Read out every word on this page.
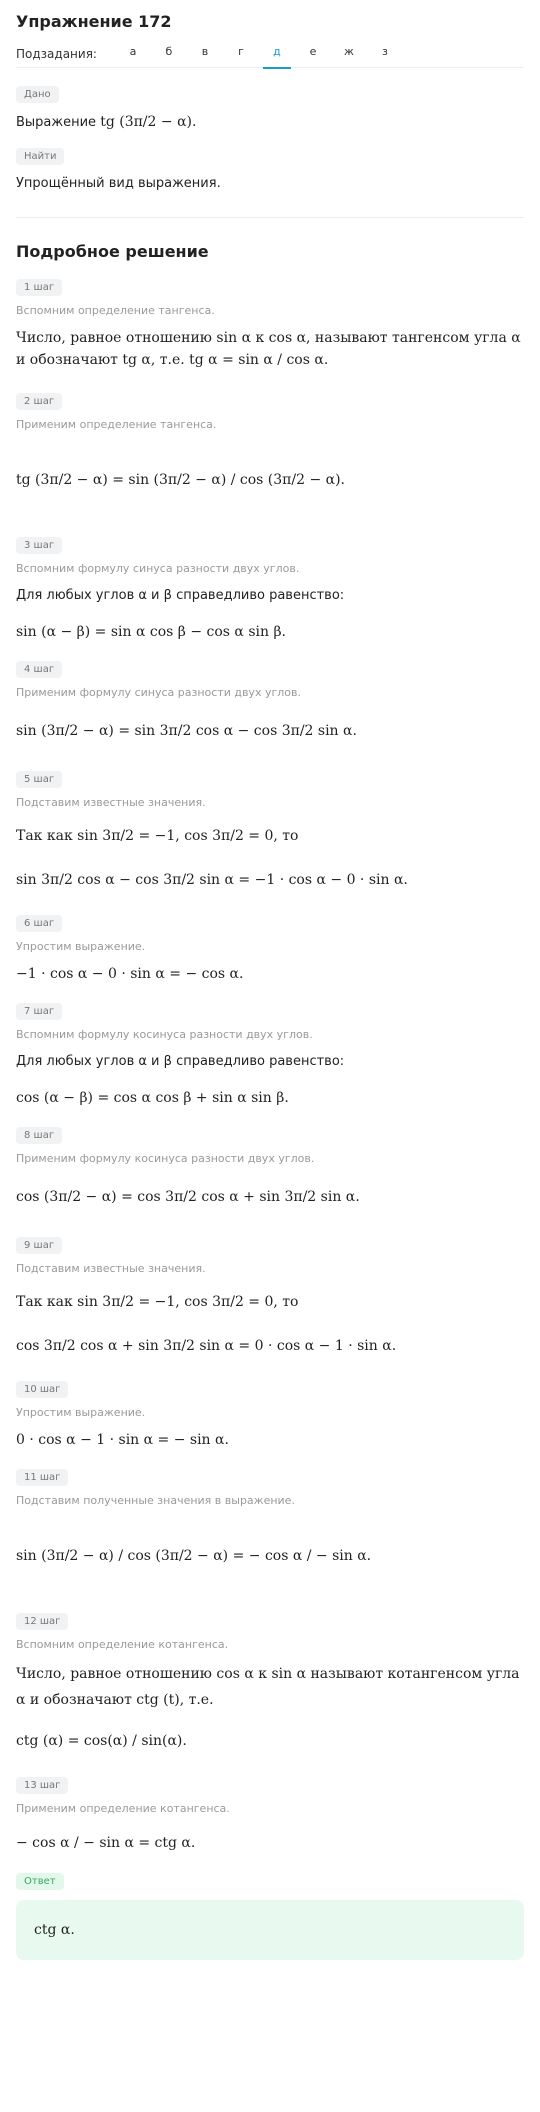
Упражнение 172
Подзадания:	а	б	в	г	д	е	ж	з
Дано
Выражение tg (3π/2 − α).
Найти
Упрощённый вид выражения.
Подробное решение
1 шаг
Вспомним определение тангенса.
Число, равное отношению sin α к cos α, называют тангенсом угла α и обозначают tg α, т.е. tg α = sin α / cos α.
2 шаг
Применим определение тангенса.
tg (3π/2 − α) = sin (3π/2 − α) / cos (3π/2 − α).
3 шаг
Вспомним формулу синуса разности двух углов.
Для любых углов α и β справедливо равенство:
sin (α − β) = sin α cos β − cos α sin β.
4 шаг
Применим формулу синуса разности двух углов.
sin (3π/2 − α) = sin 3π/2 cos α − cos 3π/2 sin α.
5 шаг
Подставим известные значения.
Так как sin 3π/2 = −1, cos 3π/2 = 0, то
sin 3π/2 cos α − cos 3π/2 sin α = −1 · cos α − 0 · sin α.
6 шаг
Упростим выражение.
−1 · cos α − 0 · sin α = − cos α.
7 шаг
Вспомним формулу косинуса разности двух углов.
Для любых углов α и β справедливо равенство:
cos (α − β) = cos α cos β + sin α sin β.
8 шаг
Применим формулу косинуса разности двух углов.
cos (3π/2 − α) = cos 3π/2 cos α + sin 3π/2 sin α.
9 шаг
Подставим известные значения.
Так как sin 3π/2 = −1, cos 3π/2 = 0, то
cos 3π/2 cos α + sin 3π/2 sin α = 0 · cos α − 1 · sin α.
10 шаг
Упростим выражение.
0 · cos α − 1 · sin α = − sin α.
11 шаг
Подставим полученные значения в выражение.
sin (3π/2 − α) / cos (3π/2 − α) = − cos α / − sin α.
12 шаг
Вспомним определение котангенса.
Число, равное отношению cos α к sin α называют котангенсом угла α и обозначают ctg (t), т.е.
ctg (α) = cos(α) / sin(α).
13 шаг
Применим определение котангенса.
− cos α / − sin α = ctg α.
Ответ
ctg α.
